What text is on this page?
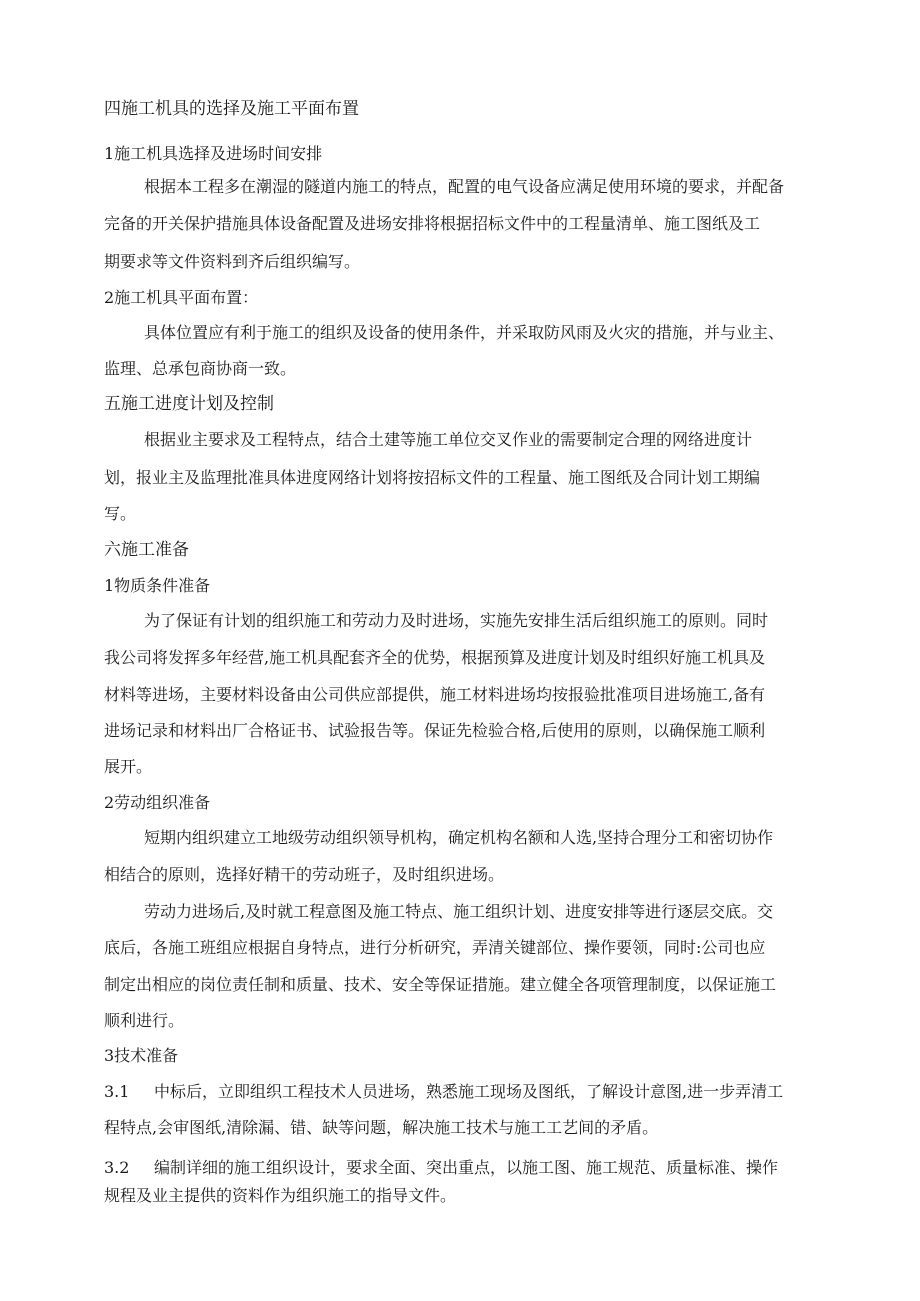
四施工机具的选择及施工平面布置

1施工机具选择及进场时间安排

根据本工程多在潮湿的隧道内施工的特点，配置的电气设备应满足使用环境的要求，并配备

完备的开关保护措施具体设备配置及进场安排将根据招标文件中的工程量清单、施工图纸及工

期要求等文件资料到齐后组织编写。

2施工机具平面布置：

具体位置应有利于施工的组织及设备的使用条件，并采取防风雨及火灾的措施，并与业主、

监理、总承包商协商一致。

五施工进度计划及控制

根据业主要求及工程特点，结合土建等施工单位交叉作业的需要制定合理的网络进度计

划，报业主及监理批准具体进度网络计划将按招标文件的工程量、施工图纸及合同计划工期编

写。

六施工准备

1物质条件准备

为了保证有计划的组织施工和劳动力及时进场，实施先安排生活后组织施工的原则。同时

我公司将发挥多年经营,施工机具配套齐全的优势，根据预算及进度计划及时组织好施工机具及

材料等进场，主要材料设备由公司供应部提供，施工材料进场均按报验批准项目进场施工,备有

进场记录和材料出厂合格证书、试验报告等。保证先检验合格,后使用的原则，以确保施工顺利

展开。

2劳动组织准备

短期内组织建立工地级劳动组织领导机构，确定机构名额和人选,坚持合理分工和密切协作

相结合的原则，选择好精干的劳动班子，及时组织进场。

劳动力进场后,及时就工程意图及施工特点、施工组织计划、进度安排等进行逐层交底。交

底后，各施工班组应根据自身特点，进行分析研究，弄清关键部位、操作要领，同时:公司也应

制定出相应的岗位责任制和质量、技术、安全等保证措施。建立健全各项管理制度，以保证施工

顺利进行。

3技术准备

3.1 中标后，立即组织工程技术人员进场，熟悉施工现场及图纸，了解设计意图,进一步弄清工

程特点,会审图纸,清除漏、错、缺等问题，解决施工技术与施工工艺间的矛盾。

3.2 编制详细的施工组织设计，要求全面、突出重点，以施工图、施工规范、质量标准、操作

规程及业主提供的资料作为组织施工的指导文件。
